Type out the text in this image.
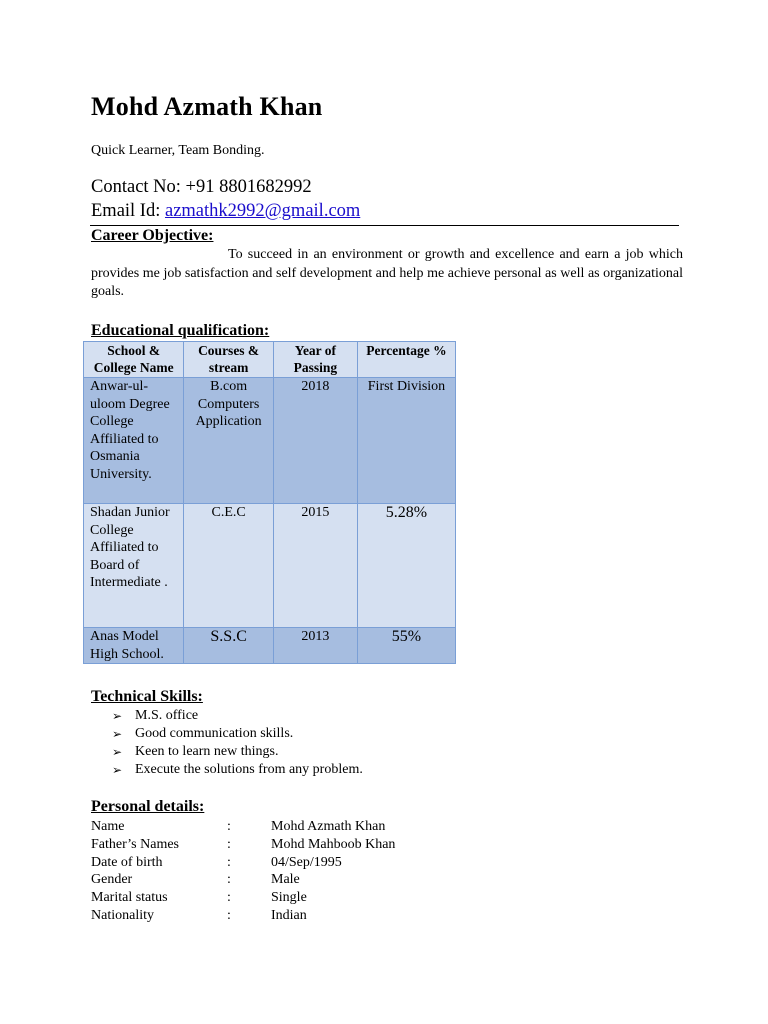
Mohd Azmath Khan
Quick Learner, Team Bonding.
Contact No: +91 8801682992
Email Id: azmathk2992@gmail.com
Career Objective:
To succeed in an environment or growth and excellence and earn a job which provides me job satisfaction and self development and help me achieve personal as well as organizational goals.
Educational qualification:
School & College Name	Courses & stream	Year of Passing	Percentage %
Anwar-ul-uloom Degree College Affiliated to Osmania University.	B.com Computers Application	2018	First Division
Shadan Junior College Affiliated to Board of Intermediate .	C.E.C	2015	5.28%
Anas Model High School.	S.S.C	2013	55%
Technical Skills:
➢ M.S. office
➢ Good communication skills.
➢ Keen to learn new things.
➢ Execute the solutions from any problem.
Personal details:
Name	:	Mohd Azmath Khan
Father’s Names	:	Mohd Mahboob Khan
Date of birth	:	04/Sep/1995
Gender	:	Male
Marital status	:	Single
Nationality	:	Indian
